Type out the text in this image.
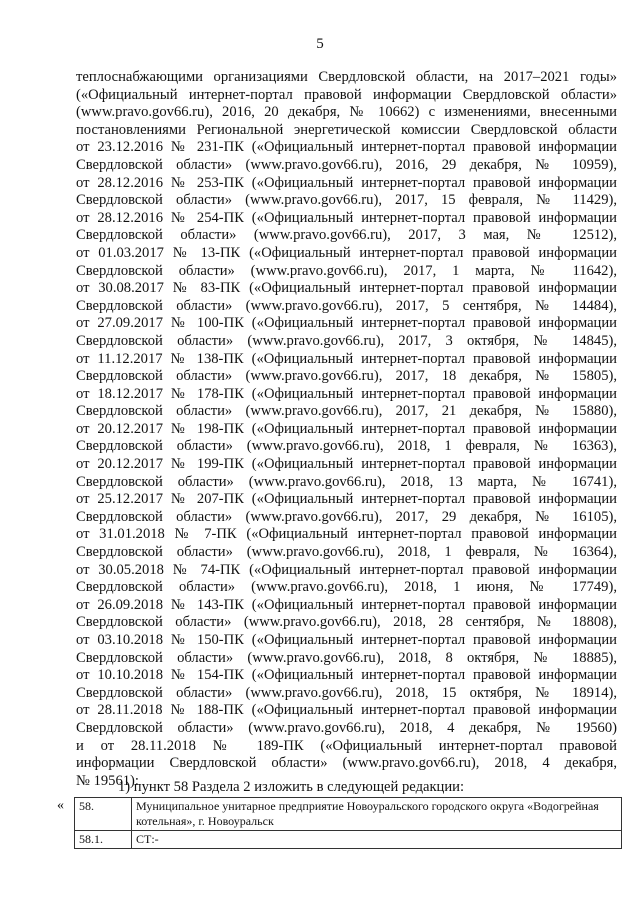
5
теплоснабжающими организациями Свердловской области, на 2017–2021 годы»
(«Официальный интернет-портал правовой информации Свердловской области»
(www.pravo.gov66.ru), 2016, 20 декабря, № 10662) с изменениями, внесенными
постановлениями Региональной энергетической комиссии Свердловской области
от 23.12.2016 № 231-ПК («Официальный интернет-портал правовой информации
Свердловской области» (www.pravo.gov66.ru), 2016, 29 декабря, № 10959),
от 28.12.2016 № 253-ПК («Официальный интернет-портал правовой информации
Свердловской области» (www.pravo.gov66.ru), 2017, 15 февраля, № 11429),
от 28.12.2016 № 254-ПК («Официальный интернет-портал правовой информации
Свердловской области» (www.pravo.gov66.ru), 2017, 3 мая, № 12512),
от 01.03.2017 № 13-ПК («Официальный интернет-портал правовой информации
Свердловской области» (www.pravo.gov66.ru), 2017, 1 марта, № 11642),
от 30.08.2017 № 83-ПК («Официальный интернет-портал правовой информации
Свердловской области» (www.pravo.gov66.ru), 2017, 5 сентября, № 14484),
от 27.09.2017 № 100-ПК («Официальный интернет-портал правовой информации
Свердловской области» (www.pravo.gov66.ru), 2017, 3 октября, № 14845),
от 11.12.2017 № 138-ПК («Официальный интернет-портал правовой информации
Свердловской области» (www.pravo.gov66.ru), 2017, 18 декабря, № 15805),
от 18.12.2017 № 178-ПК («Официальный интернет-портал правовой информации
Свердловской области» (www.pravo.gov66.ru), 2017, 21 декабря, № 15880),
от 20.12.2017 № 198-ПК («Официальный интернет-портал правовой информации
Свердловской области» (www.pravo.gov66.ru), 2018, 1 февраля, № 16363),
от 20.12.2017 № 199-ПК («Официальный интернет-портал правовой информации
Свердловской области» (www.pravo.gov66.ru), 2018, 13 марта, № 16741),
от 25.12.2017 № 207-ПК («Официальный интернет-портал правовой информации
Свердловской области» (www.pravo.gov66.ru), 2017, 29 декабря, № 16105),
от 31.01.2018 № 7-ПК («Официальный интернет-портал правовой информации
Свердловской области» (www.pravo.gov66.ru), 2018, 1 февраля, № 16364),
от 30.05.2018 № 74-ПК («Официальный интернет-портал правовой информации
Свердловской области» (www.pravo.gov66.ru), 2018, 1 июня, № 17749),
от 26.09.2018 № 143-ПК («Официальный интернет-портал правовой информации
Свердловской области» (www.pravo.gov66.ru), 2018, 28 сентября, № 18808),
от 03.10.2018 № 150-ПК («Официальный интернет-портал правовой информации
Свердловской области» (www.pravo.gov66.ru), 2018, 8 октября, № 18885),
от 10.10.2018 № 154-ПК («Официальный интернет-портал правовой информации
Свердловской области» (www.pravo.gov66.ru), 2018, 15 октября, № 18914),
от 28.11.2018 № 188-ПК («Официальный интернет-портал правовой информации
Свердловской области» (www.pravo.gov66.ru), 2018, 4 декабря, № 19560)
и от 28.11.2018 № 189-ПК («Официальный интернет-портал правовой
информации Свердловской области» (www.pravo.gov66.ru), 2018, 4 декабря,
№ 19561):
1) пункт 58 Раздела 2 изложить в следующей редакции:
« 58.	Муниципальное унитарное предприятие Новоуральского городского округа «Водогрейная котельная», г. Новоуральск
58.1.	СТ:-
